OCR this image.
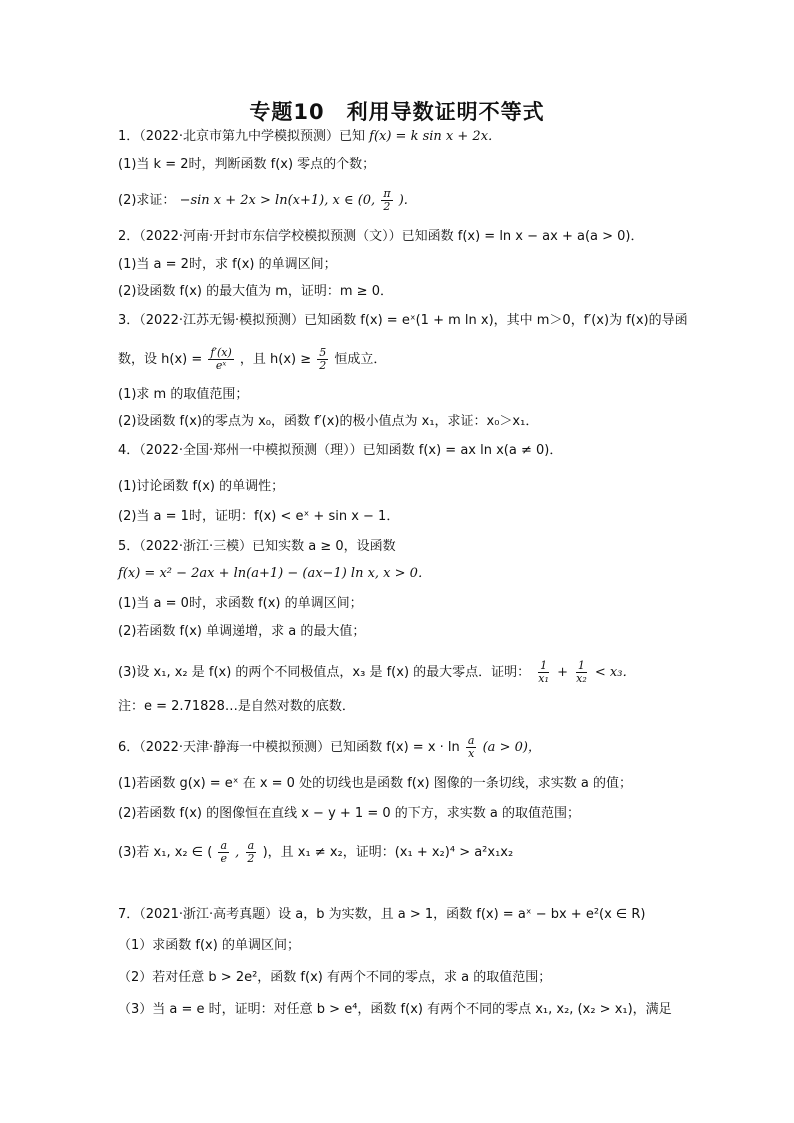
专题10　利用导数证明不等式
1．（2022·北京市第九中学模拟预测）已知 f(x) = k sin x + 2x．
(1)当 k = 2时，判断函数 f(x) 零点的个数；
(2)求证： −sin x + 2x > ln(x+1), x ∈ (0, $\frac{\pi}{2}$ ).
2．（2022·河南·开封市东信学校模拟预测（文））已知函数 f(x) = ln x − ax + a(a > 0)．
(1)当 a = 2时，求 f(x) 的单调区间；
(2)设函数 f(x) 的最大值为 m，证明：m ≥ 0．
3．（2022·江苏无锡·模拟预测）已知函数 f(x) = eˣ(1 + m ln x)，其中 m＞0，f′(x)为 f(x)的导函
数，设 $h(x) = \frac{f'(x)}{\text{eˣ}}$ ，且 $h(x) \ge \frac{5}{2}$ 恒成立．
(1)求 m 的取值范围；
(2)设函数 f(x)的零点为 x₀，函数 f′(x)的极小值点为 x₁，求证：x₀＞x₁．
4．（2022·全国·郑州一中模拟预测（理））已知函数 f(x) = ax ln x(a ≠ 0)．
(1)讨论函数 f(x) 的单调性；
(2)当 a = 1时，证明：f(x) < eˣ + sin x − 1．
5．（2022·浙江·三模）已知实数 a ≥ 0，设函数
f(x) = x² − 2ax + ln(a+1) − (ax−1) ln x, x > 0．
(1)当 a = 0时，求函数 f(x) 的单调区间；
(2)若函数 f(x) 单调递增，求 a 的最大值；
(3)设 x₁, x₂ 是 f(x) 的两个不同极值点，x₃ 是 f(x) 的最大零点．证明： $\frac{1}{\text{x₁}} + \frac{1}{\text{x₂}} < x_3$．
注：e = 2.71828…是自然对数的底数．
6．（2022·天津·静海一中模拟预测）已知函数 $f(x) = x \cdot \ln \frac{a}{x} (a > 0)$，
(1)若函数 g(x) = eˣ 在 x = 0 处的切线也是函数 f(x) 图像的一条切线，求实数 a 的值；
(2)若函数 f(x) 的图像恒在直线 x − y + 1 = 0 的下方，求实数 a 的取值范围；
(3)若 x₁, x₂ ∈ ( $\frac{a}{e}$ , $\frac{a}{2}$ )，且 x₁ ≠ x₂，证明：(x₁ + x₂)⁴ > a²x₁x₂
7．（2021·浙江·高考真题）设 a，b 为实数，且 a > 1，函数 f(x) = aˣ − bx + e²(x ∈ R)
（1）求函数 f(x) 的单调区间；
（2）若对任意 b > 2e²，函数 f(x) 有两个不同的零点，求 a 的取值范围；
（3）当 a = e 时，证明：对任意 b > e⁴，函数 f(x) 有两个不同的零点 x₁, x₂, (x₂ > x₁)，满足
